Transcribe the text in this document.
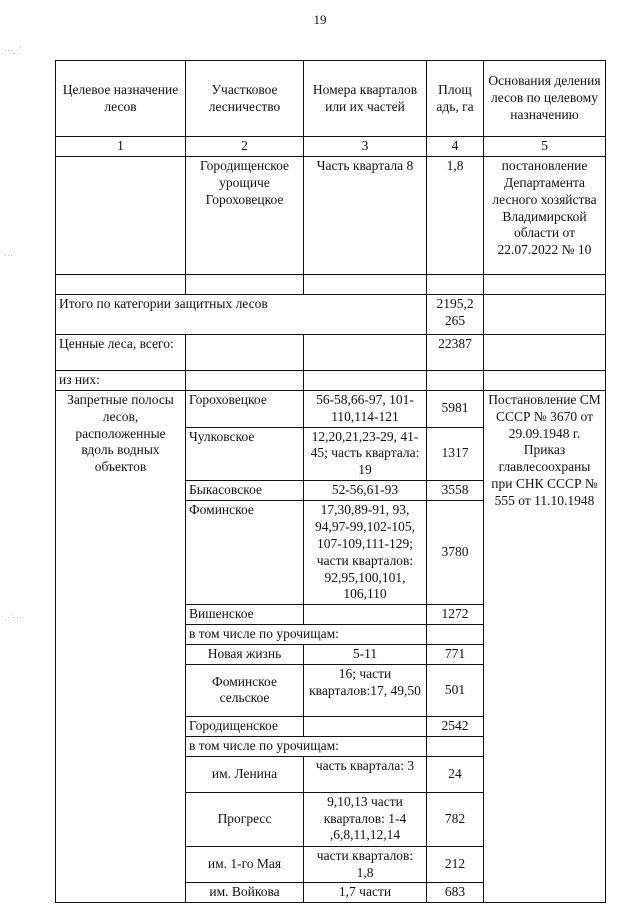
19
⋯⋰
⋯
⋰⋯
Целевое назначение лесов	Участковое лесничество	Номера кварталов или их частей	Площ адь, га	Основания деления лесов по целевому назначению
1	2	3	4	5
	Городищенское урощиче Гороховецкое	Часть квартала 8	1,8	постановление Департамента лесного хозяйства Владимирской области от 22.07.2022 № 10

Итого по категории защитных лесов			2195,2 265	
Ценные леса, всего:			22387	
из них:				
Запретные полосы лесов, расположенные вдоль водных объектов	Гороховецкое	56-58,66-97, 101-110,114-121	5981	Постановление СМ СССР № 3670 от 29.09.1948 г. Приказ главлесоохраны при СНК СССР № 555 от 11.10.1948
	Чулковское	12,20,21,23-29, 41-45; часть квартала: 19	1317	
	Быкасовское	52-56,61-93	3558	
	Фоминское	17,30,89-91, 93, 94,97-99,102-105, 107-109,111-129; части кварталов: 92,95,100,101, 106,110	3780	
	Вишенское		1272	
	в том числе по урочищам:			
	Новая жизнь	5-11	771	
	Фоминское сельское	16; части кварталов:17, 49,50	501	
	Городищенское		2542	
	в том числе по урочищам:			
	им. Ленина	часть квартала: 3	24	
	Прогресс	9,10,13 части кварталов: 1-4 ,6,8,11,12,14	782	
	им. 1-го Мая	части кварталов: 1,8	212	
	им. Войкова	1,7 части	683	
